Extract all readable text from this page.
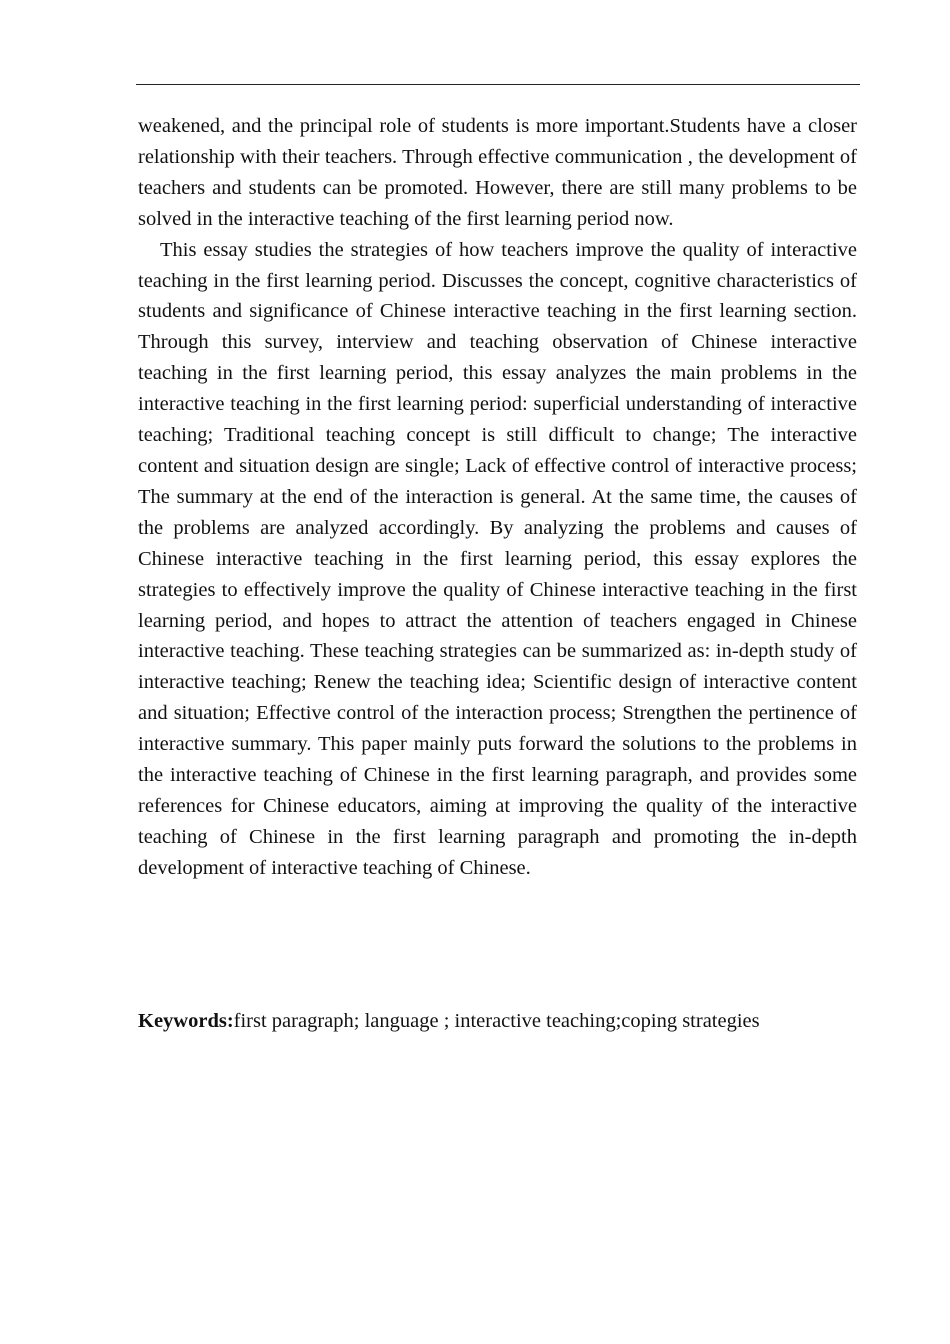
weakened, and the principal role of students is more important.Students have a closer relationship with their teachers. Through effective communication , the development of teachers and students can be promoted. However, there are still many problems to be solved in the interactive teaching of the first learning period now.

This essay studies the strategies of how teachers improve the quality of interactive teaching in the first learning period. Discusses the concept, cognitive characteristics of students and significance of Chinese interactive teaching in the first learning section. Through this survey, interview and teaching observation of Chinese interactive teaching in the first learning period, this essay analyzes the main problems in the interactive teaching in the first learning period: superficial understanding of interactive teaching; Traditional teaching concept is still difficult to change; The interactive content and situation design are single; Lack of effective control of interactive process; The summary at the end of the interaction is general. At the same time, the causes of the problems are analyzed accordingly. By analyzing the problems and causes of Chinese interactive teaching in the first learning period, this essay explores the strategies to effectively improve the quality of Chinese interactive teaching in the first learning period, and hopes to attract the attention of teachers engaged in Chinese interactive teaching. These teaching strategies can be summarized as: in-depth study of interactive teaching; Renew the teaching idea; Scientific design of interactive content and situation; Effective control of the interaction process; Strengthen the pertinence of interactive summary. This paper mainly puts forward the solutions to the problems in the interactive teaching of Chinese in the first learning paragraph, and provides some references for Chinese educators, aiming at improving the quality of the interactive teaching of Chinese in the first learning paragraph and promoting the in-depth development of interactive teaching of Chinese.

Keywords:first paragraph; language ; interactive teaching;coping strategies
